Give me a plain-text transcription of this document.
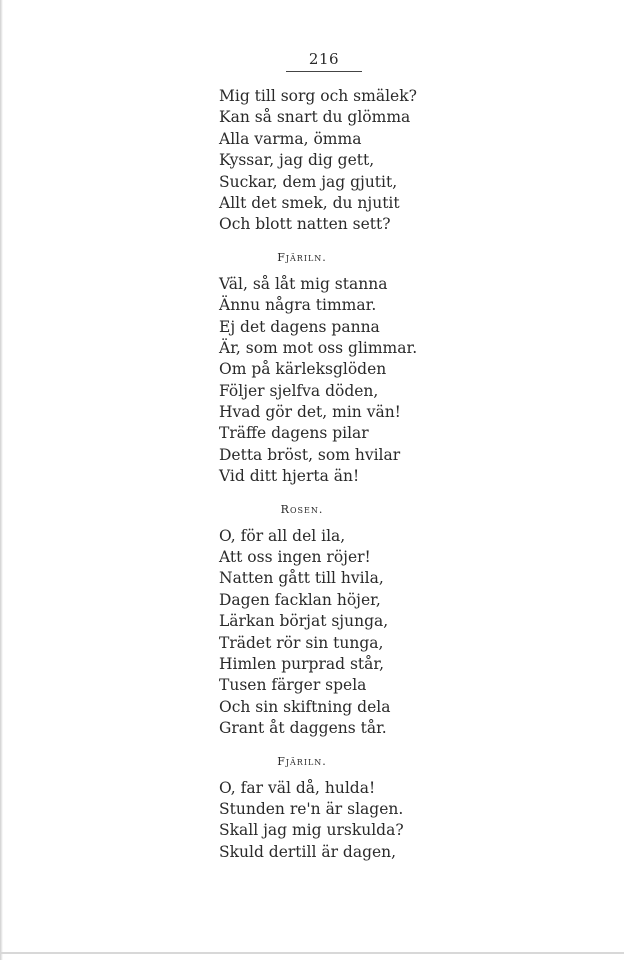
216
Mig till sorg och smälek?
Kan så snart du glömma
Alla varma, ömma
Kyssar, jag dig gett,
Suckar, dem jag gjutit,
Allt det smek, du njutit
Och blott natten sett?
Fjäriln.
Väl, så låt mig stanna
Ännu några timmar.
Ej det dagens panna
Är, som mot oss glimmar.
Om på kärleksglöden
Följer sjelfva döden,
Hvad gör det, min vän!
Träffe dagens pilar
Detta bröst, som hvilar
Vid ditt hjerta än!
Rosen.
O, för all del ila,
Att oss ingen röjer!
Natten gått till hvila,
Dagen facklan höjer,
Lärkan börjat sjunga,
Trädet rör sin tunga,
Himlen purprad står,
Tusen färger spela
Och sin skiftning dela
Grant åt daggens tår.
Fjäriln.
O, far väl då, hulda!
Stunden re'n är slagen.
Skall jag mig urskulda?
Skuld dertill är dagen,
